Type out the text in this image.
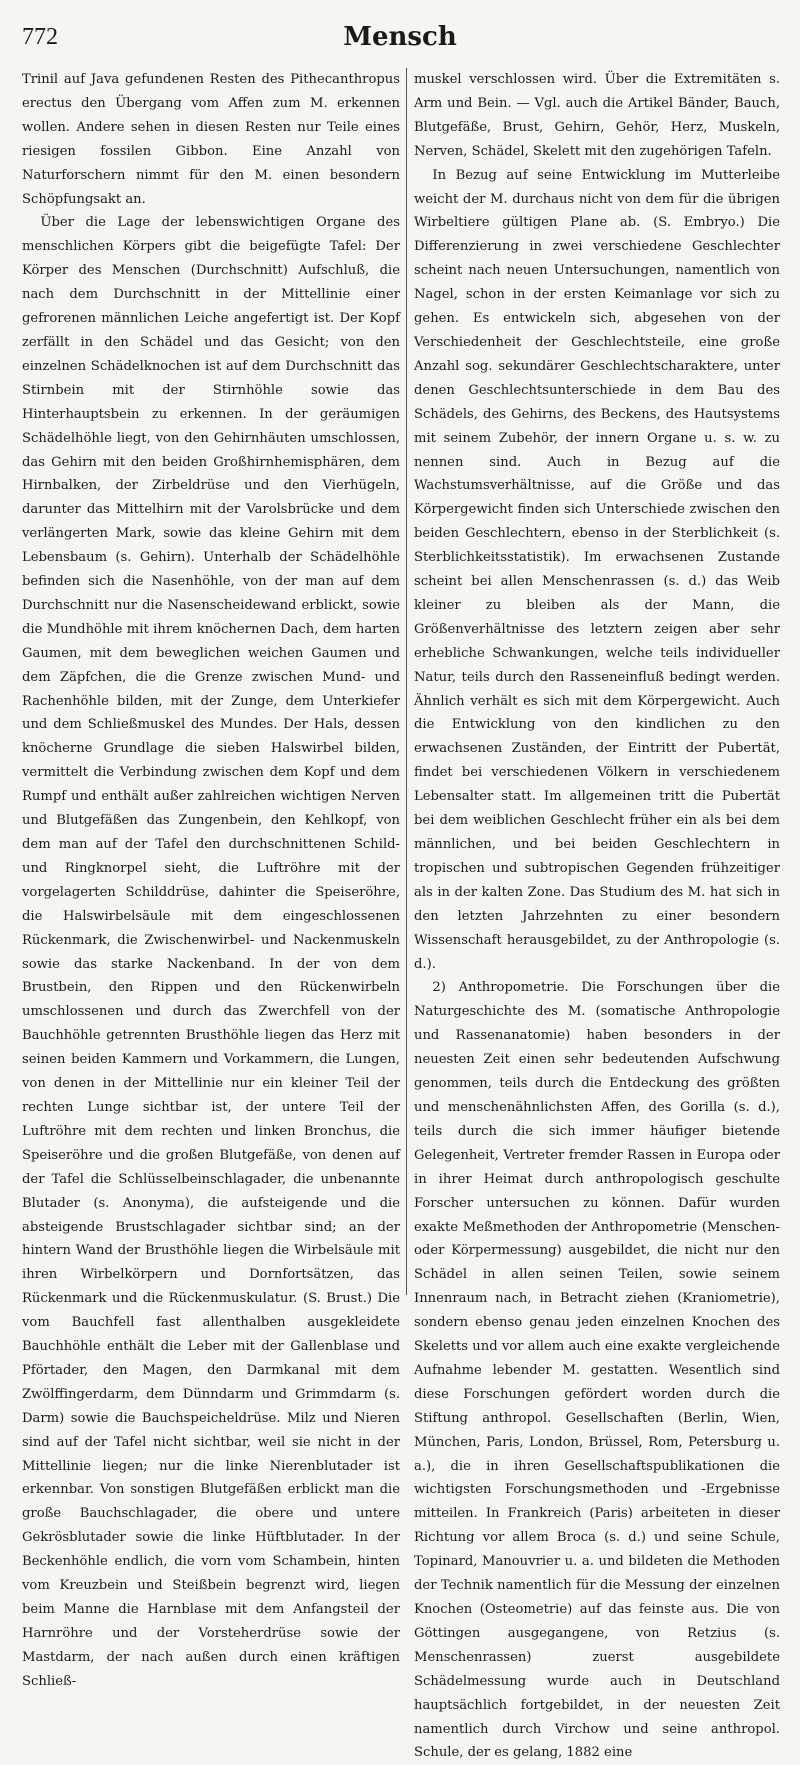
772	Mensch

Trinil auf Java gefundenen Resten des Pithecanthropus erectus den Übergang vom Affen zum M. erkennen wollen. Andere sehen in diesen Resten nur Teile eines riesigen fossilen Gibbon. Eine Anzahl von Naturforschern nimmt für den M. einen besondern Schöpfungsakt an.

Über die Lage der lebenswichtigen Organe des menschlichen Körpers gibt die beigefügte Tafel: Der Körper des Menschen (Durchschnitt) Aufschluß, die nach dem Durchschnitt in der Mittellinie einer gefrorenen männlichen Leiche angefertigt ist. Der Kopf zerfällt in den Schädel und das Gesicht; von den einzelnen Schädelknochen ist auf dem Durchschnitt das Stirnbein mit der Stirnhöhle sowie das Hinterhauptsbein zu erkennen. In der geräumigen Schädelhöhle liegt, von den Gehirnhäuten umschlossen, das Gehirn mit den beiden Großhirnhemisphären, dem Hirnbalken, der Zirbeldrüse und den Vierhügeln, darunter das Mittelhirn mit der Varolsbrücke und dem verlängerten Mark, sowie das kleine Gehirn mit dem Lebensbaum (s. Gehirn). Unterhalb der Schädelhöhle befinden sich die Nasenhöhle, von der man auf dem Durchschnitt nur die Nasenscheidewand erblickt, sowie die Mundhöhle mit ihrem knöchernen Dach, dem harten Gaumen, mit dem beweglichen weichen Gaumen und dem Zäpfchen, die die Grenze zwischen Mund- und Rachenhöhle bilden, mit der Zunge, dem Unterkiefer und dem Schließmuskel des Mundes. Der Hals, dessen knöcherne Grundlage die sieben Halswirbel bilden, vermittelt die Verbindung zwischen dem Kopf und dem Rumpf und enthält außer zahlreichen wichtigen Nerven und Blutgefäßen das Zungenbein, den Kehlkopf, von dem man auf der Tafel den durchschnittenen Schild- und Ringknorpel sieht, die Luftröhre mit der vorgelagerten Schilddrüse, dahinter die Speiseröhre, die Halswirbelsäule mit dem eingeschlossenen Rückenmark, die Zwischenwirbel- und Nackenmuskeln sowie das starke Nackenband. In der von dem Brustbein, den Rippen und den Rückenwirbeln umschlossenen und durch das Zwerchfell von der Bauchhöhle getrennten Brusthöhle liegen das Herz mit seinen beiden Kammern und Vorkammern, die Lungen, von denen in der Mittellinie nur ein kleiner Teil der rechten Lunge sichtbar ist, der untere Teil der Luftröhre mit dem rechten und linken Bronchus, die Speiseröhre und die großen Blutgefäße, von denen auf der Tafel die Schlüsselbeinschlagader, die unbenannte Blutader (s. Anonyma), die aufsteigende und die absteigende Brustschlagader sichtbar sind; an der hintern Wand der Brusthöhle liegen die Wirbelsäule mit ihren Wirbelkörpern und Dornfortsätzen, das Rückenmark und die Rückenmuskulatur. (S. Brust.) Die vom Bauchfell fast allenthalben ausgekleidete Bauchhöhle enthält die Leber mit der Gallenblase und Pförtader, den Magen, den Darmkanal mit dem Zwölffingerdarm, dem Dünndarm und Grimmdarm (s. Darm) sowie die Bauchspeicheldrüse. Milz und Nieren sind auf der Tafel nicht sichtbar, weil sie nicht in der Mittellinie liegen; nur die linke Nierenblutader ist erkennbar. Von sonstigen Blutgefäßen erblickt man die große Bauchschlagader, die obere und untere Gekrösblutader sowie die linke Hüftblutader. In der Beckenhöhle endlich, die vorn vom Schambein, hinten vom Kreuzbein und Steißbein begrenzt wird, liegen beim Manne die Harnblase mit dem Anfangsteil der Harnröhre und der Vorsteherdrüse sowie der Mastdarm, der nach außen durch einen kräftigen Schließ-

muskel verschlossen wird. Über die Extremitäten s. Arm und Bein. — Vgl. auch die Artikel Bänder, Bauch, Blutgefäße, Brust, Gehirn, Gehör, Herz, Muskeln, Nerven, Schädel, Skelett mit den zugehörigen Tafeln.

In Bezug auf seine Entwicklung im Mutterleibe weicht der M. durchaus nicht von dem für die übrigen Wirbeltiere gültigen Plane ab. (S. Embryo.) Die Differenzierung in zwei verschiedene Geschlechter scheint nach neuen Untersuchungen, namentlich von Nagel, schon in der ersten Keimanlage vor sich zu gehen. Es entwickeln sich, abgesehen von der Verschiedenheit der Geschlechtsteile, eine große Anzahl sog. sekundärer Geschlechtscharaktere, unter denen Geschlechtsunterschiede in dem Bau des Schädels, des Gehirns, des Beckens, des Hautsystems mit seinem Zubehör, der innern Organe u. s. w. zu nennen sind. Auch in Bezug auf die Wachstumsverhältnisse, auf die Größe und das Körpergewicht finden sich Unterschiede zwischen den beiden Geschlechtern, ebenso in der Sterblichkeit (s. Sterblichkeitsstatistik). Im erwachsenen Zustande scheint bei allen Menschenrassen (s. d.) das Weib kleiner zu bleiben als der Mann, die Größenverhältnisse des letztern zeigen aber sehr erhebliche Schwankungen, welche teils individueller Natur, teils durch den Rasseneinfluß bedingt werden. Ähnlich verhält es sich mit dem Körpergewicht. Auch die Entwicklung von den kindlichen zu den erwachsenen Zuständen, der Eintritt der Pubertät, findet bei verschiedenen Völkern in verschiedenem Lebensalter statt. Im allgemeinen tritt die Pubertät bei dem weiblichen Geschlecht früher ein als bei dem männlichen, und bei beiden Geschlechtern in tropischen und subtropischen Gegenden frühzeitiger als in der kalten Zone. Das Studium des M. hat sich in den letzten Jahrzehnten zu einer besondern Wissenschaft herausgebildet, zu der Anthropologie (s. d.).

2) Anthropometrie. Die Forschungen über die Naturgeschichte des M. (somatische Anthropologie und Rassenanatomie) haben besonders in der neuesten Zeit einen sehr bedeutenden Aufschwung genommen, teils durch die Entdeckung des größten und menschenähnlichsten Affen, des Gorilla (s. d.), teils durch die sich immer häufiger bietende Gelegenheit, Vertreter fremder Rassen in Europa oder in ihrer Heimat durch anthropologisch geschulte Forscher untersuchen zu können. Dafür wurden exakte Meßmethoden der Anthropometrie (Menschen- oder Körpermessung) ausgebildet, die nicht nur den Schädel in allen seinen Teilen, sowie seinem Innenraum nach, in Betracht ziehen (Kraniometrie), sondern ebenso genau jeden einzelnen Knochen des Skeletts und vor allem auch eine exakte vergleichende Aufnahme lebender M. gestatten. Wesentlich sind diese Forschungen gefördert worden durch die Stiftung anthropol. Gesellschaften (Berlin, Wien, München, Paris, London, Brüssel, Rom, Petersburg u. a.), die in ihren Gesellschaftspublikationen die wichtigsten Forschungsmethoden und -Ergebnisse mitteilen. In Frankreich (Paris) arbeiteten in dieser Richtung vor allem Broca (s. d.) und seine Schule, Topinard, Manouvrier u. a. und bildeten die Methoden der Technik namentlich für die Messung der einzelnen Knochen (Osteometrie) auf das feinste aus. Die von Göttingen ausgegangene, von Retzius (s. Menschenrassen) zuerst ausgebildete Schädelmessung wurde auch in Deutschland hauptsächlich fortgebildet, in der neuesten Zeit namentlich durch Virchow und seine anthropol. Schule, der es gelang, 1882 eine
